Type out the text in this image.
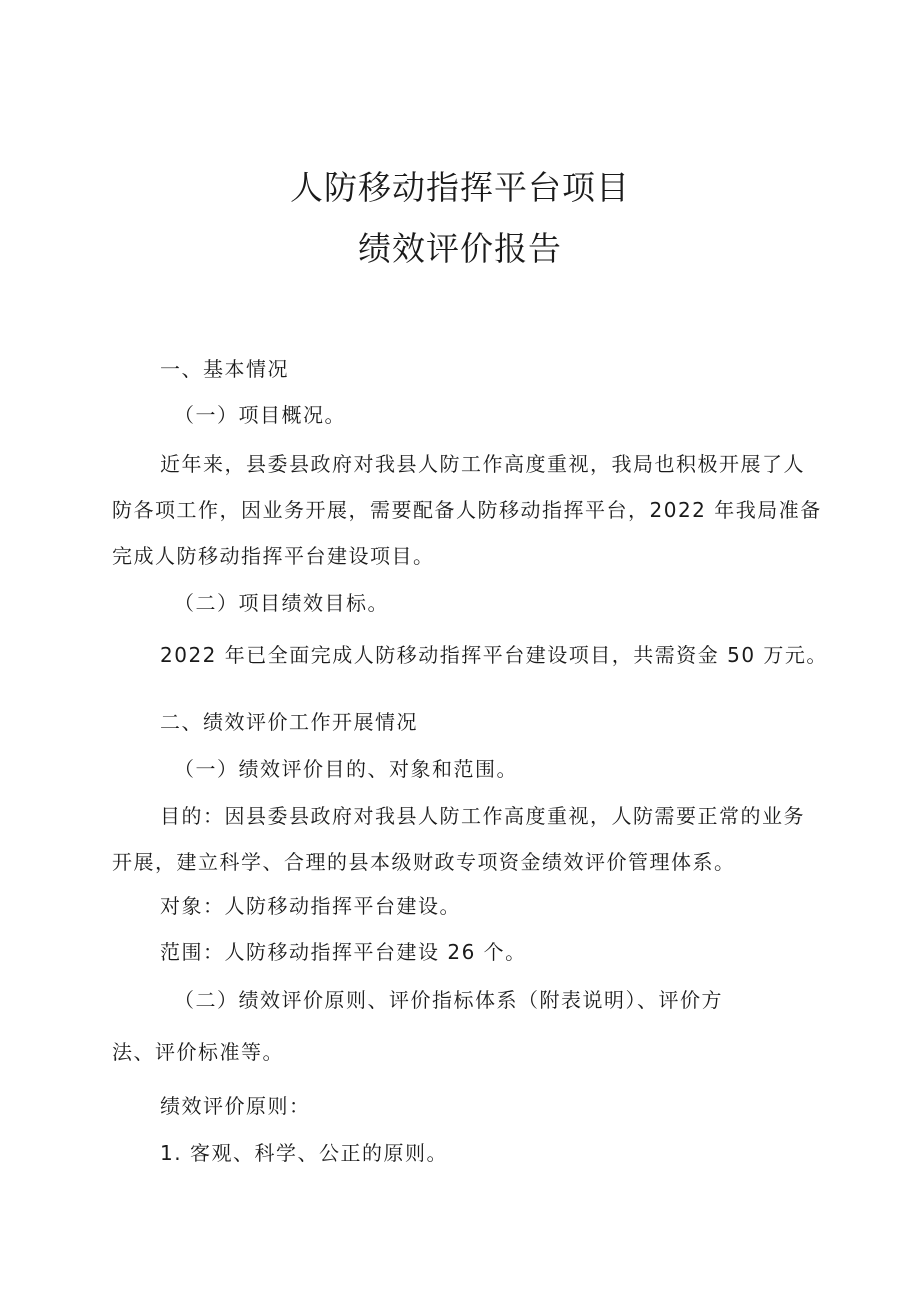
人防移动指挥平台项目
绩效评价报告
一、基本情况
（一）项目概况。
近年来，县委县政府对我县人防工作高度重视，我局也积极开展了人
防各项工作，因业务开展，需要配备人防移动指挥平台，2022 年我局准备
完成人防移动指挥平台建设项目。
（二）项目绩效目标。
2022 年已全面完成人防移动指挥平台建设项目，共需资金 50 万元。
二、绩效评价工作开展情况
（一）绩效评价目的、对象和范围。
目的：因县委县政府对我县人防工作高度重视，人防需要正常的业务
开展，建立科学、合理的县本级财政专项资金绩效评价管理体系。
对象：人防移动指挥平台建设。
范围：人防移动指挥平台建设 26 个。
（二）绩效评价原则、评价指标体系（附表说明）、评价方
法、评价标准等。
绩效评价原则：
1. 客观、科学、公正的原则。
